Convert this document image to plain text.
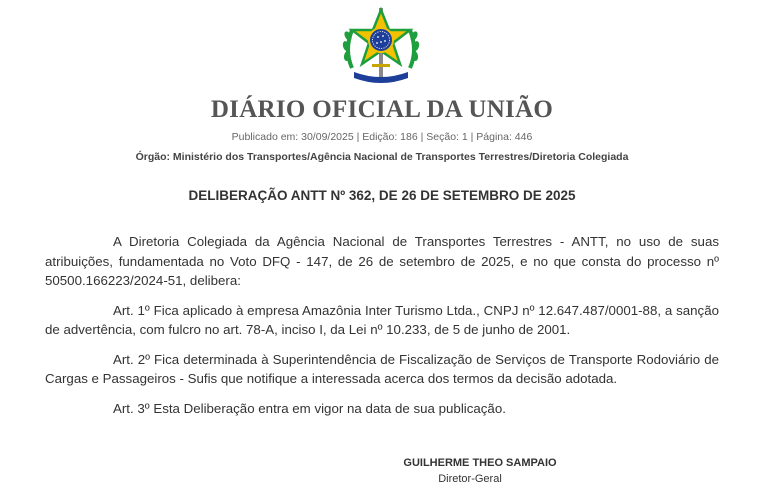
DIÁRIO OFICIAL DA UNIÃO
Publicado em: 30/09/2025 | Edição: 186 | Seção: 1 | Página: 446
Órgão: Ministério dos Transportes/Agência Nacional de Transportes Terrestres/Diretoria Colegiada
DELIBERAÇÃO ANTT Nº 362, DE 26 DE SETEMBRO DE 2025

A Diretoria Colegiada da Agência Nacional de Transportes Terrestres - ANTT, no uso de suas atribuições, fundamentada no Voto DFQ - 147, de 26 de setembro de 2025, e no que consta do processo nº 50500.166223/2024-51, delibera:

Art. 1º Fica aplicado à empresa Amazônia Inter Turismo Ltda., CNPJ nº 12.647.487/0001-88, a sanção de advertência, com fulcro no art. 78-A, inciso I, da Lei nº 10.233, de 5 de junho de 2001.

Art. 2º Fica determinada à Superintendência de Fiscalização de Serviços de Transporte Rodoviário de Cargas e Passageiros - Sufis que notifique a interessada acerca dos termos da decisão adotada.

Art. 3º Esta Deliberação entra em vigor na data de sua publicação.

GUILHERME THEO SAMPAIO
Diretor-Geral
